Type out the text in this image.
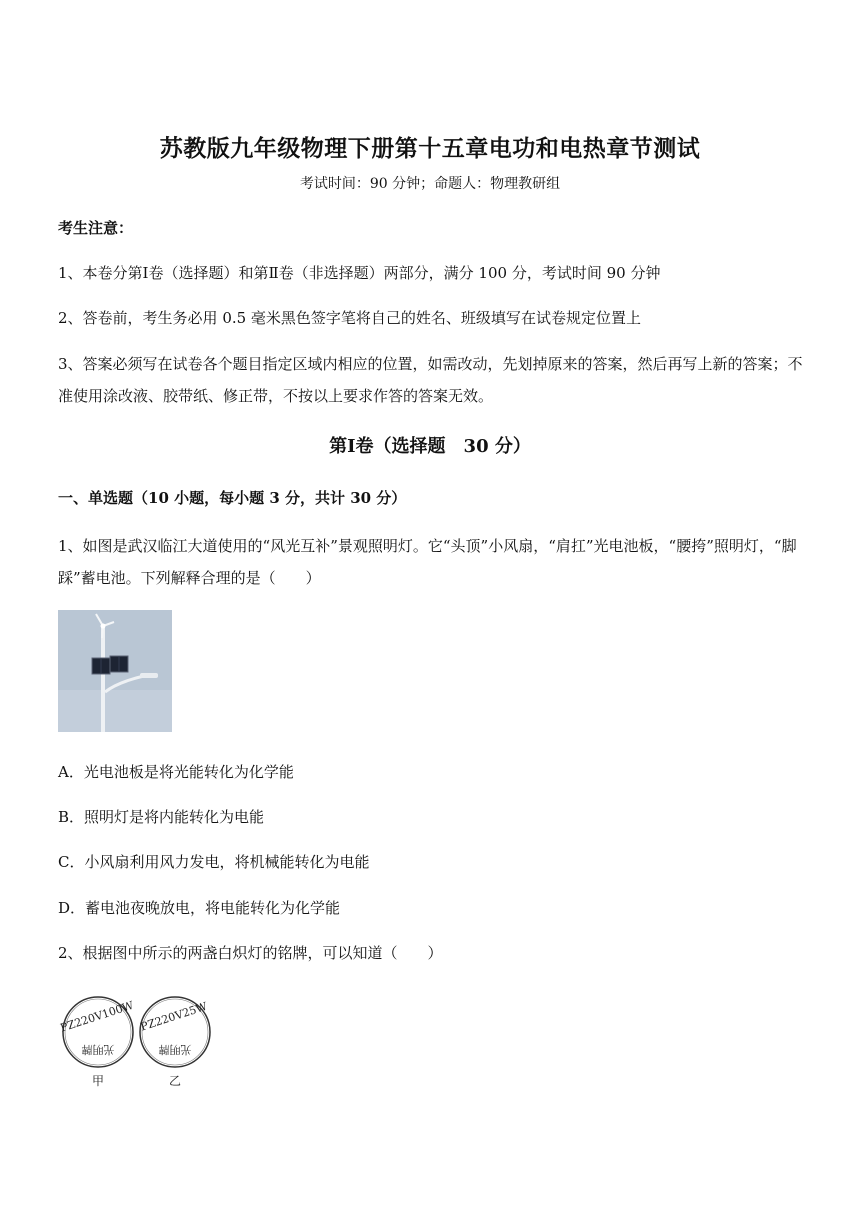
苏教版九年级物理下册第十五章电功和电热章节测试
考试时间：90 分钟；命题人：物理教研组
考生注意：
1、本卷分第Ⅰ卷（选择题）和第Ⅱ卷（非选择题）两部分，满分 100 分，考试时间 90 分钟
2、答卷前，考生务必用 0.5 毫米黑色签字笔将自己的姓名、班级填写在试卷规定位置上
3、答案必须写在试卷各个题目指定区域内相应的位置，如需改动，先划掉原来的答案，然后再写上新的答案；不准使用涂改液、胶带纸、修正带，不按以上要求作答的答案无效。
第Ⅰ卷（选择题　30 分）
一、单选题（10 小题，每小题 3 分，共计 30 分）
1、如图是武汉临江大道使用的“风光互补”景观照明灯。它“头顶”小风扇，“肩扛”光电池板，“腰挎”照明灯，“脚踩”蓄电池。下列解释合理的是（　　）
A．光电池板是将光能转化为化学能
B．照明灯是将内能转化为电能
C．小风扇利用风力发电，将机械能转化为电能
D．蓄电池夜晚放电，将电能转化为化学能
2、根据图中所示的两盏白炽灯的铭牌，可以知道（　　）
PZ220V100W
光明牌
甲
PZ220V25W
光明牌
乙
